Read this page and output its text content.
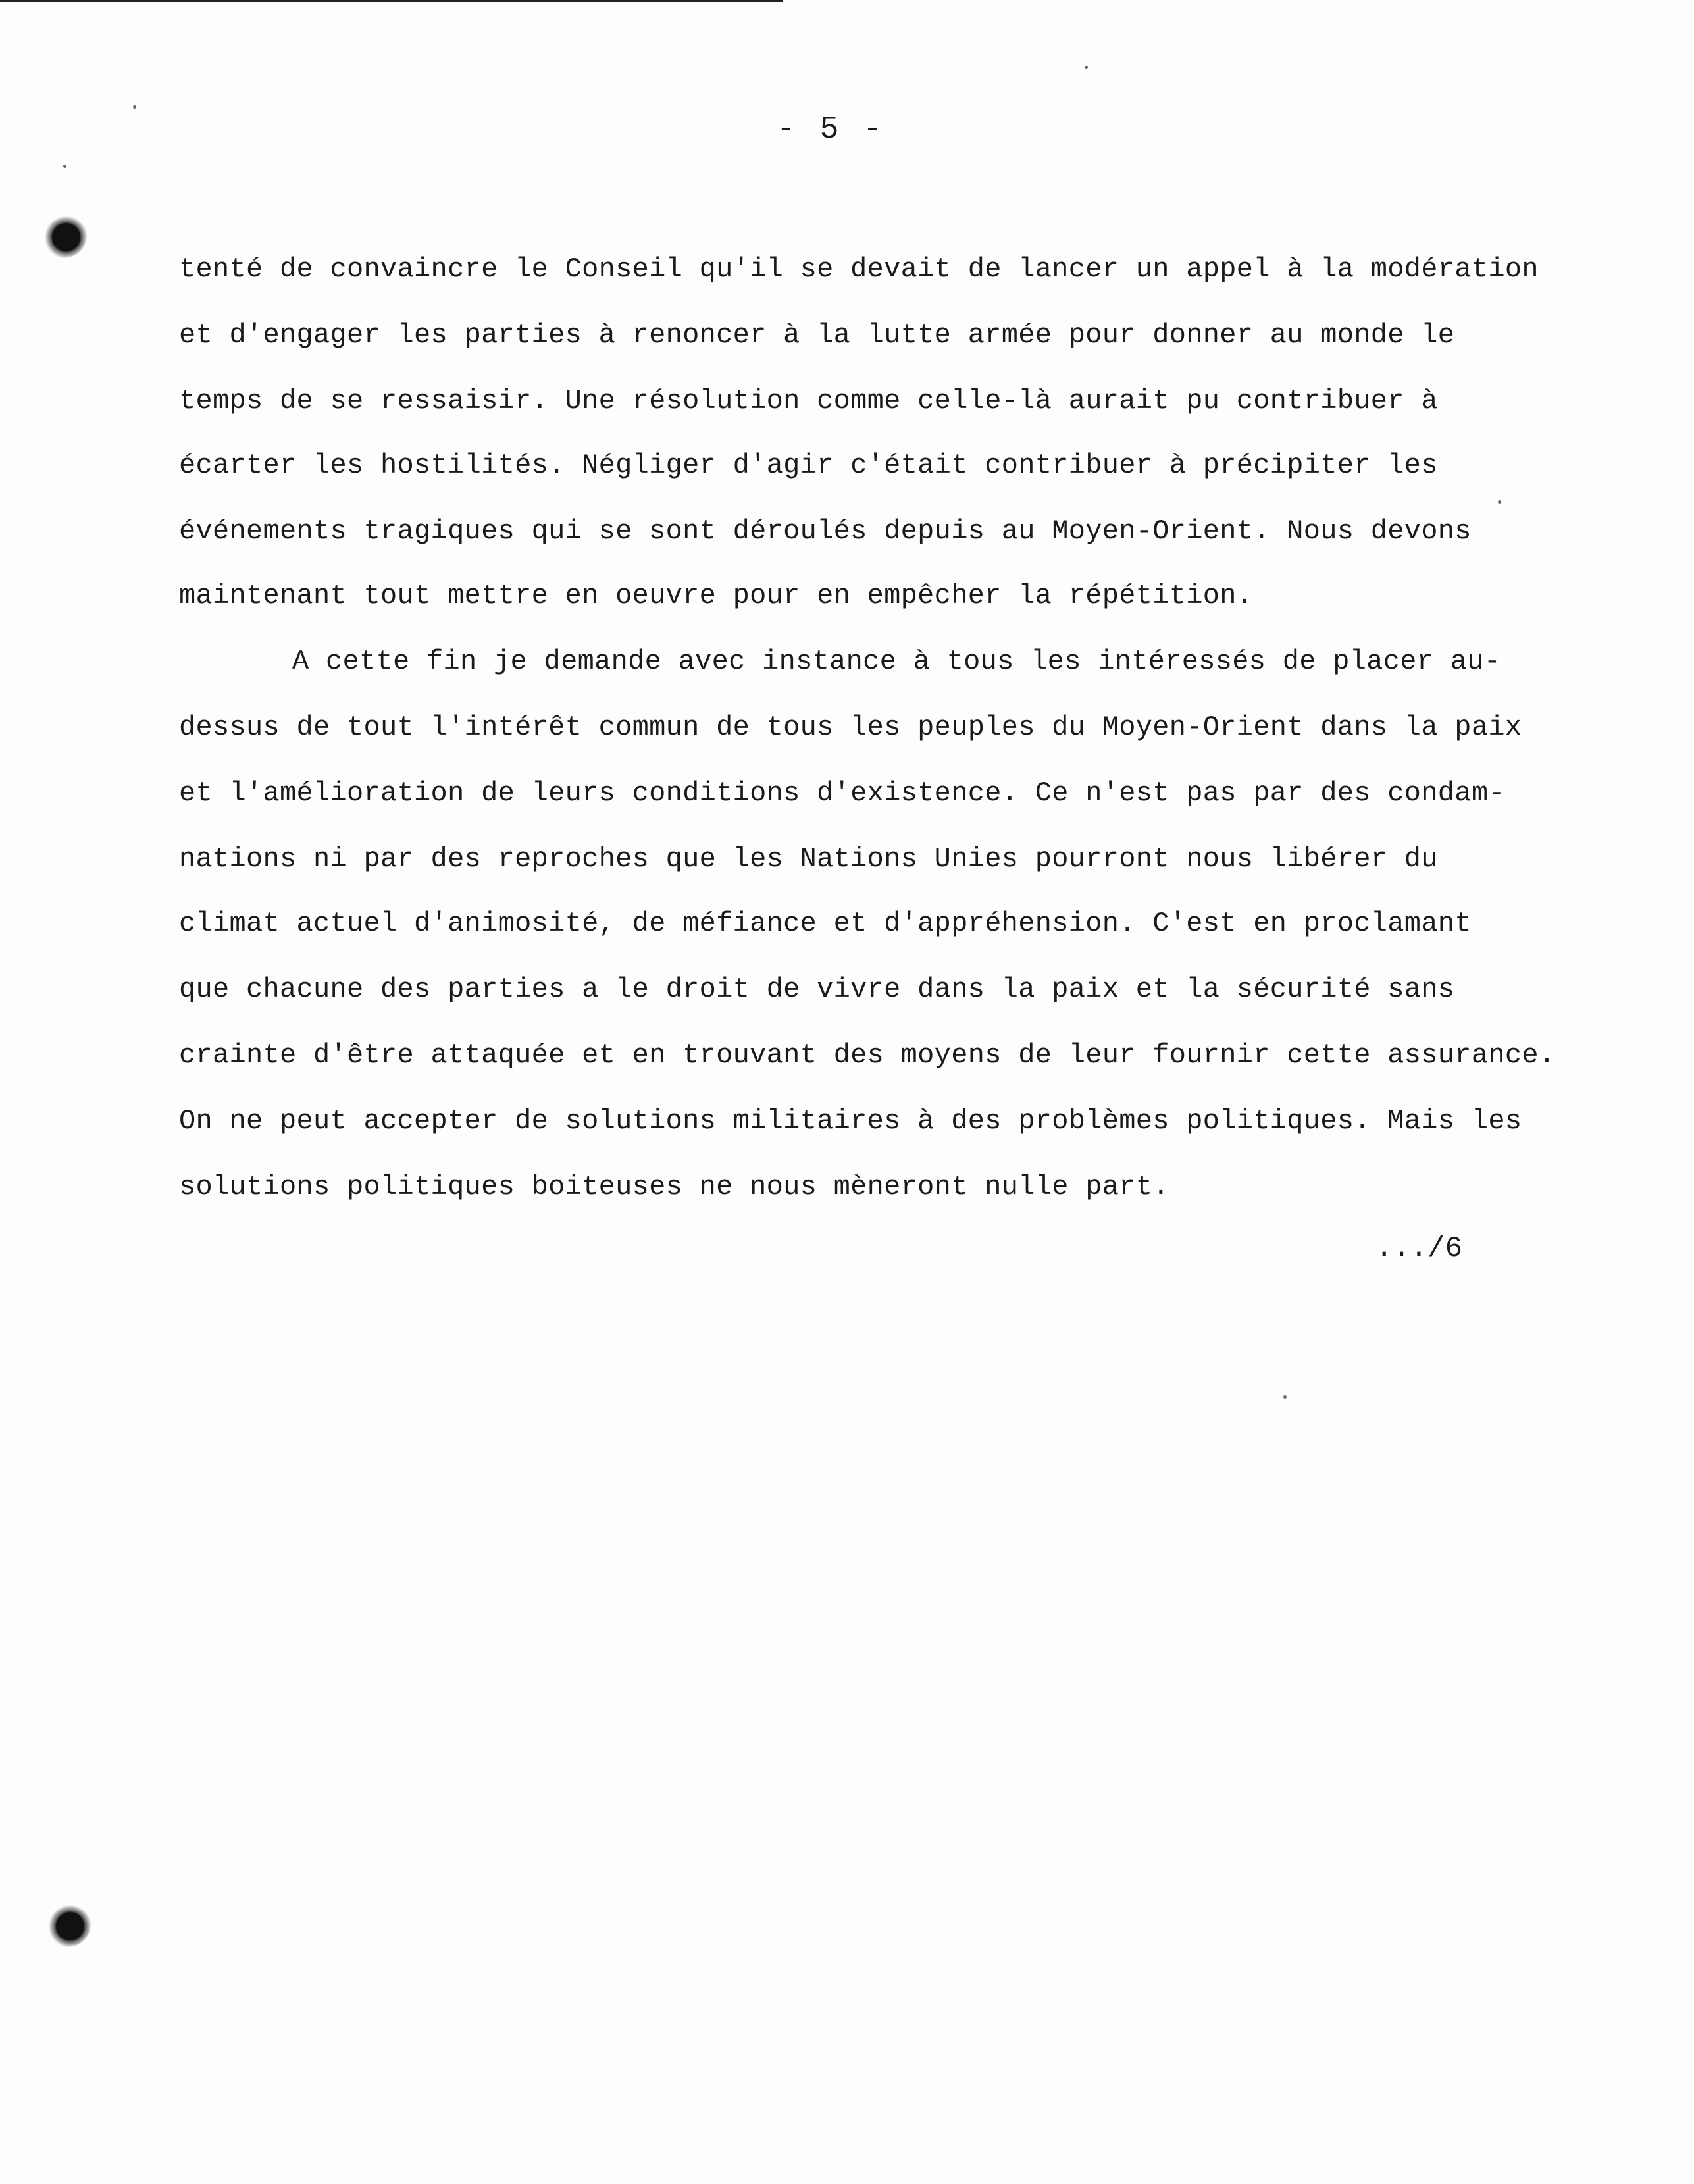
- 5 -
tenté de convaincre le Conseil qu'il se devait de lancer un appel à la modération
et d'engager les parties à renoncer à la lutte armée pour donner au monde le
temps de se ressaisir. Une résolution comme celle-là aurait pu contribuer à
écarter les hostilités. Négliger d'agir c'était contribuer à précipiter les
événements tragiques qui se sont déroulés depuis au Moyen-Orient. Nous devons
maintenant tout mettre en oeuvre pour en empêcher la répétition.
A cette fin je demande avec instance à tous les intéressés de placer au-
dessus de tout l'intérêt commun de tous les peuples du Moyen-Orient dans la paix
et l'amélioration de leurs conditions d'existence. Ce n'est pas par des condam-
nations ni par des reproches que les Nations Unies pourront nous libérer du
climat actuel d'animosité, de méfiance et d'appréhension. C'est en proclamant
que chacune des parties a le droit de vivre dans la paix et la sécurité sans
crainte d'être attaquée et en trouvant des moyens de leur fournir cette assurance.
On ne peut accepter de solutions militaires à des problèmes politiques. Mais les
solutions politiques boiteuses ne nous mèneront nulle part.
.../6
